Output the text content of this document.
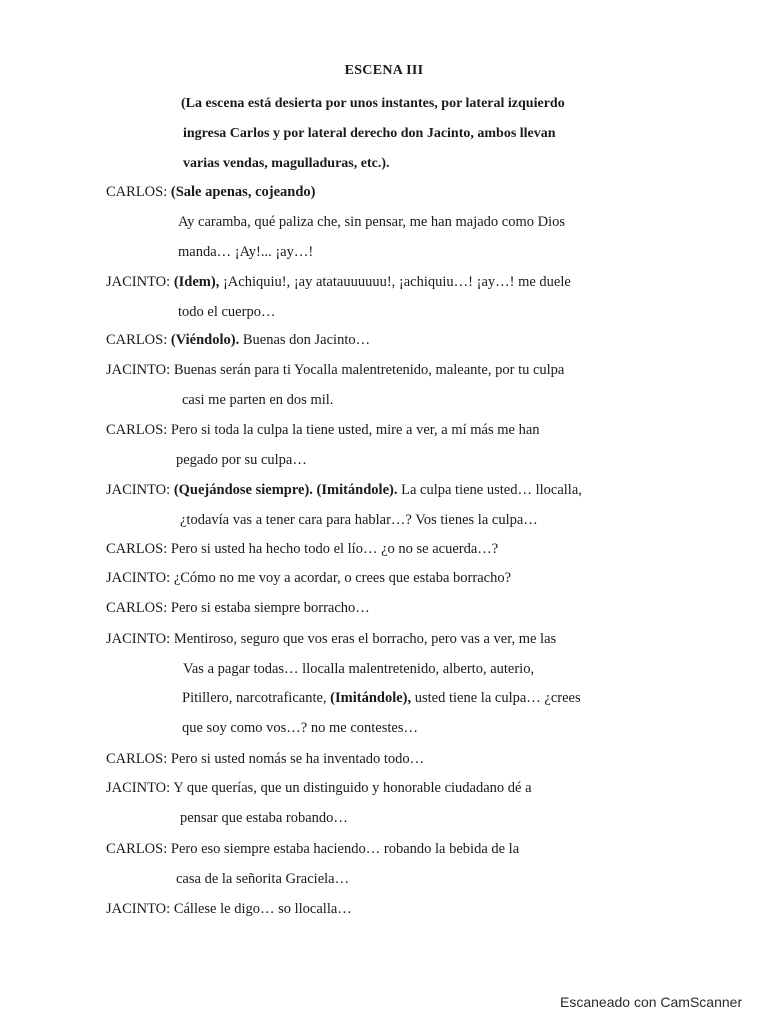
ESCENA III
(La escena está desierta por unos instantes, por lateral izquierdo
ingresa Carlos y por lateral derecho don Jacinto, ambos llevan
varias vendas, magulladuras, etc.).
CARLOS: (Sale apenas, cojeando)
Ay caramba, qué paliza che, sin pensar, me han majado como Dios
manda… ¡Ay!... ¡ay…!
JACINTO: (Idem), ¡Achiquiu!, ¡ay atatauuuuuu!, ¡achiquiu…! ¡ay…! me duele
todo el cuerpo…
CARLOS: (Viéndolo). Buenas don Jacinto…
JACINTO: Buenas serán para ti Yocalla malentretenido, maleante, por tu culpa
casi me parten en dos mil.
CARLOS: Pero si toda la culpa la tiene usted, mire a ver, a mí más me han
pegado por su culpa…
JACINTO: (Quejándose siempre). (Imitándole). La culpa tiene usted… llocalla,
¿todavía vas a tener cara para hablar…? Vos tienes la culpa…
CARLOS: Pero si usted ha hecho todo el lío… ¿o no se acuerda…?
JACINTO: ¿Cómo no me voy a acordar, o crees que estaba borracho?
CARLOS: Pero si estaba siempre borracho…
JACINTO: Mentiroso, seguro que vos eras el borracho, pero vas a ver, me las
Vas a pagar todas… llocalla malentretenido, alberto, auterio,
Pitillero, narcotraficante, (Imitándole), usted tiene la culpa… ¿crees
que soy como vos…? no me contestes…
CARLOS: Pero si usted nomás se ha inventado todo…
JACINTO: Y que querías, que un distinguido y honorable ciudadano dé a
pensar que estaba robando…
CARLOS: Pero eso siempre estaba haciendo… robando la bebida de la
casa de la señorita Graciela…
JACINTO: Cállese le digo… so llocalla…
Escaneado con CamScanner
